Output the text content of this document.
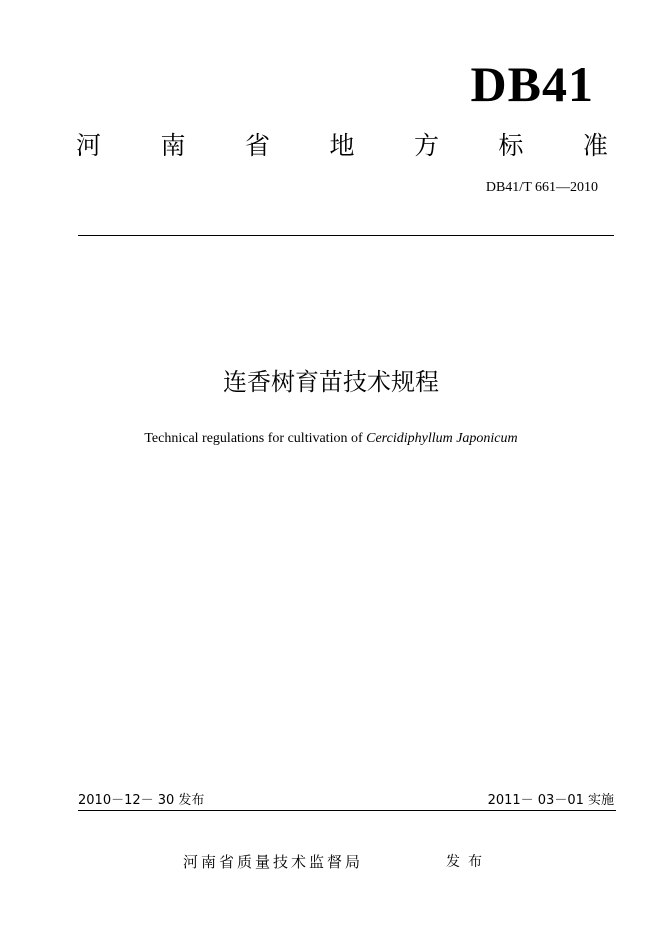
DB41
河 南 省 地 方 标 准
DB41/T 661—2010
连香树育苗技术规程
Technical regulations for cultivation of Cercidiphyllum Japonicum
2010－12－ 30 发布	2011－ 03－01 实施
河南省质量技术监督局	发布
